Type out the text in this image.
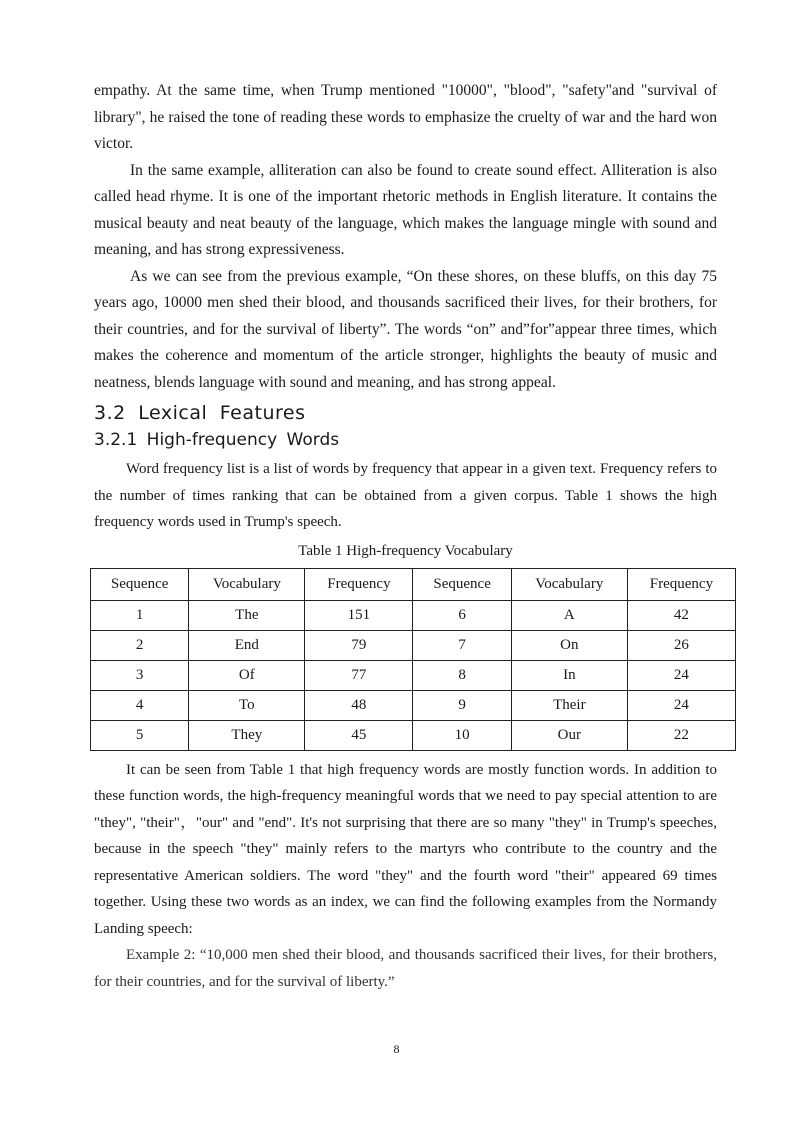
empathy. At the same time, when Trump mentioned "10000", "blood", "safety"and "survival of library", he raised the tone of reading these words to emphasize the cruelty of war and the hard won victor.

In the same example, alliteration can also be found to create sound effect. Alliteration is also called head rhyme. It is one of the important rhetoric methods in English literature. It contains the musical beauty and neat beauty of the language, which makes the language mingle with sound and meaning, and has strong expressiveness.

As we can see from the previous example, “On these shores, on these bluffs, on this day 75 years ago, 10000 men shed their blood, and thousands sacrificed their lives, for their brothers, for their countries, and for the survival of liberty”. The words “on” and”for”appear three times, which makes the coherence and momentum of the article stronger, highlights the beauty of music and neatness, blends language with sound and meaning, and has strong appeal.

3.2 Lexical Features
3.2.1 High-frequency Words

Word frequency list is a list of words by frequency that appear in a given text. Frequency refers to the number of times ranking that can be obtained from a given corpus. Table 1 shows the high frequency words used in Trump's speech.

Table 1 High-frequency Vocabulary
Sequence	Vocabulary	Frequency	Sequence	Vocabulary	Frequency
1	The	151	6	A	42
2	End	79	7	On	26
3	Of	77	8	In	24
4	To	48	9	Their	24
5	They	45	10	Our	22

It can be seen from Table 1 that high frequency words are mostly function words. In addition to these function words, the high-frequency meaningful words that we need to pay special attention to are "they", "their"，"our" and "end". It's not surprising that there are so many "they" in Trump's speeches, because in the speech "they" mainly refers to the martyrs who contribute to the country and the representative American soldiers. The word "they" and the fourth word "their" appeared 69 times together. Using these two words as an index, we can find the following examples from the Normandy Landing speech:

Example 2: “10,000 men shed their blood, and thousands sacrificed their lives, for their brothers, for their countries, and for the survival of liberty.”

8
